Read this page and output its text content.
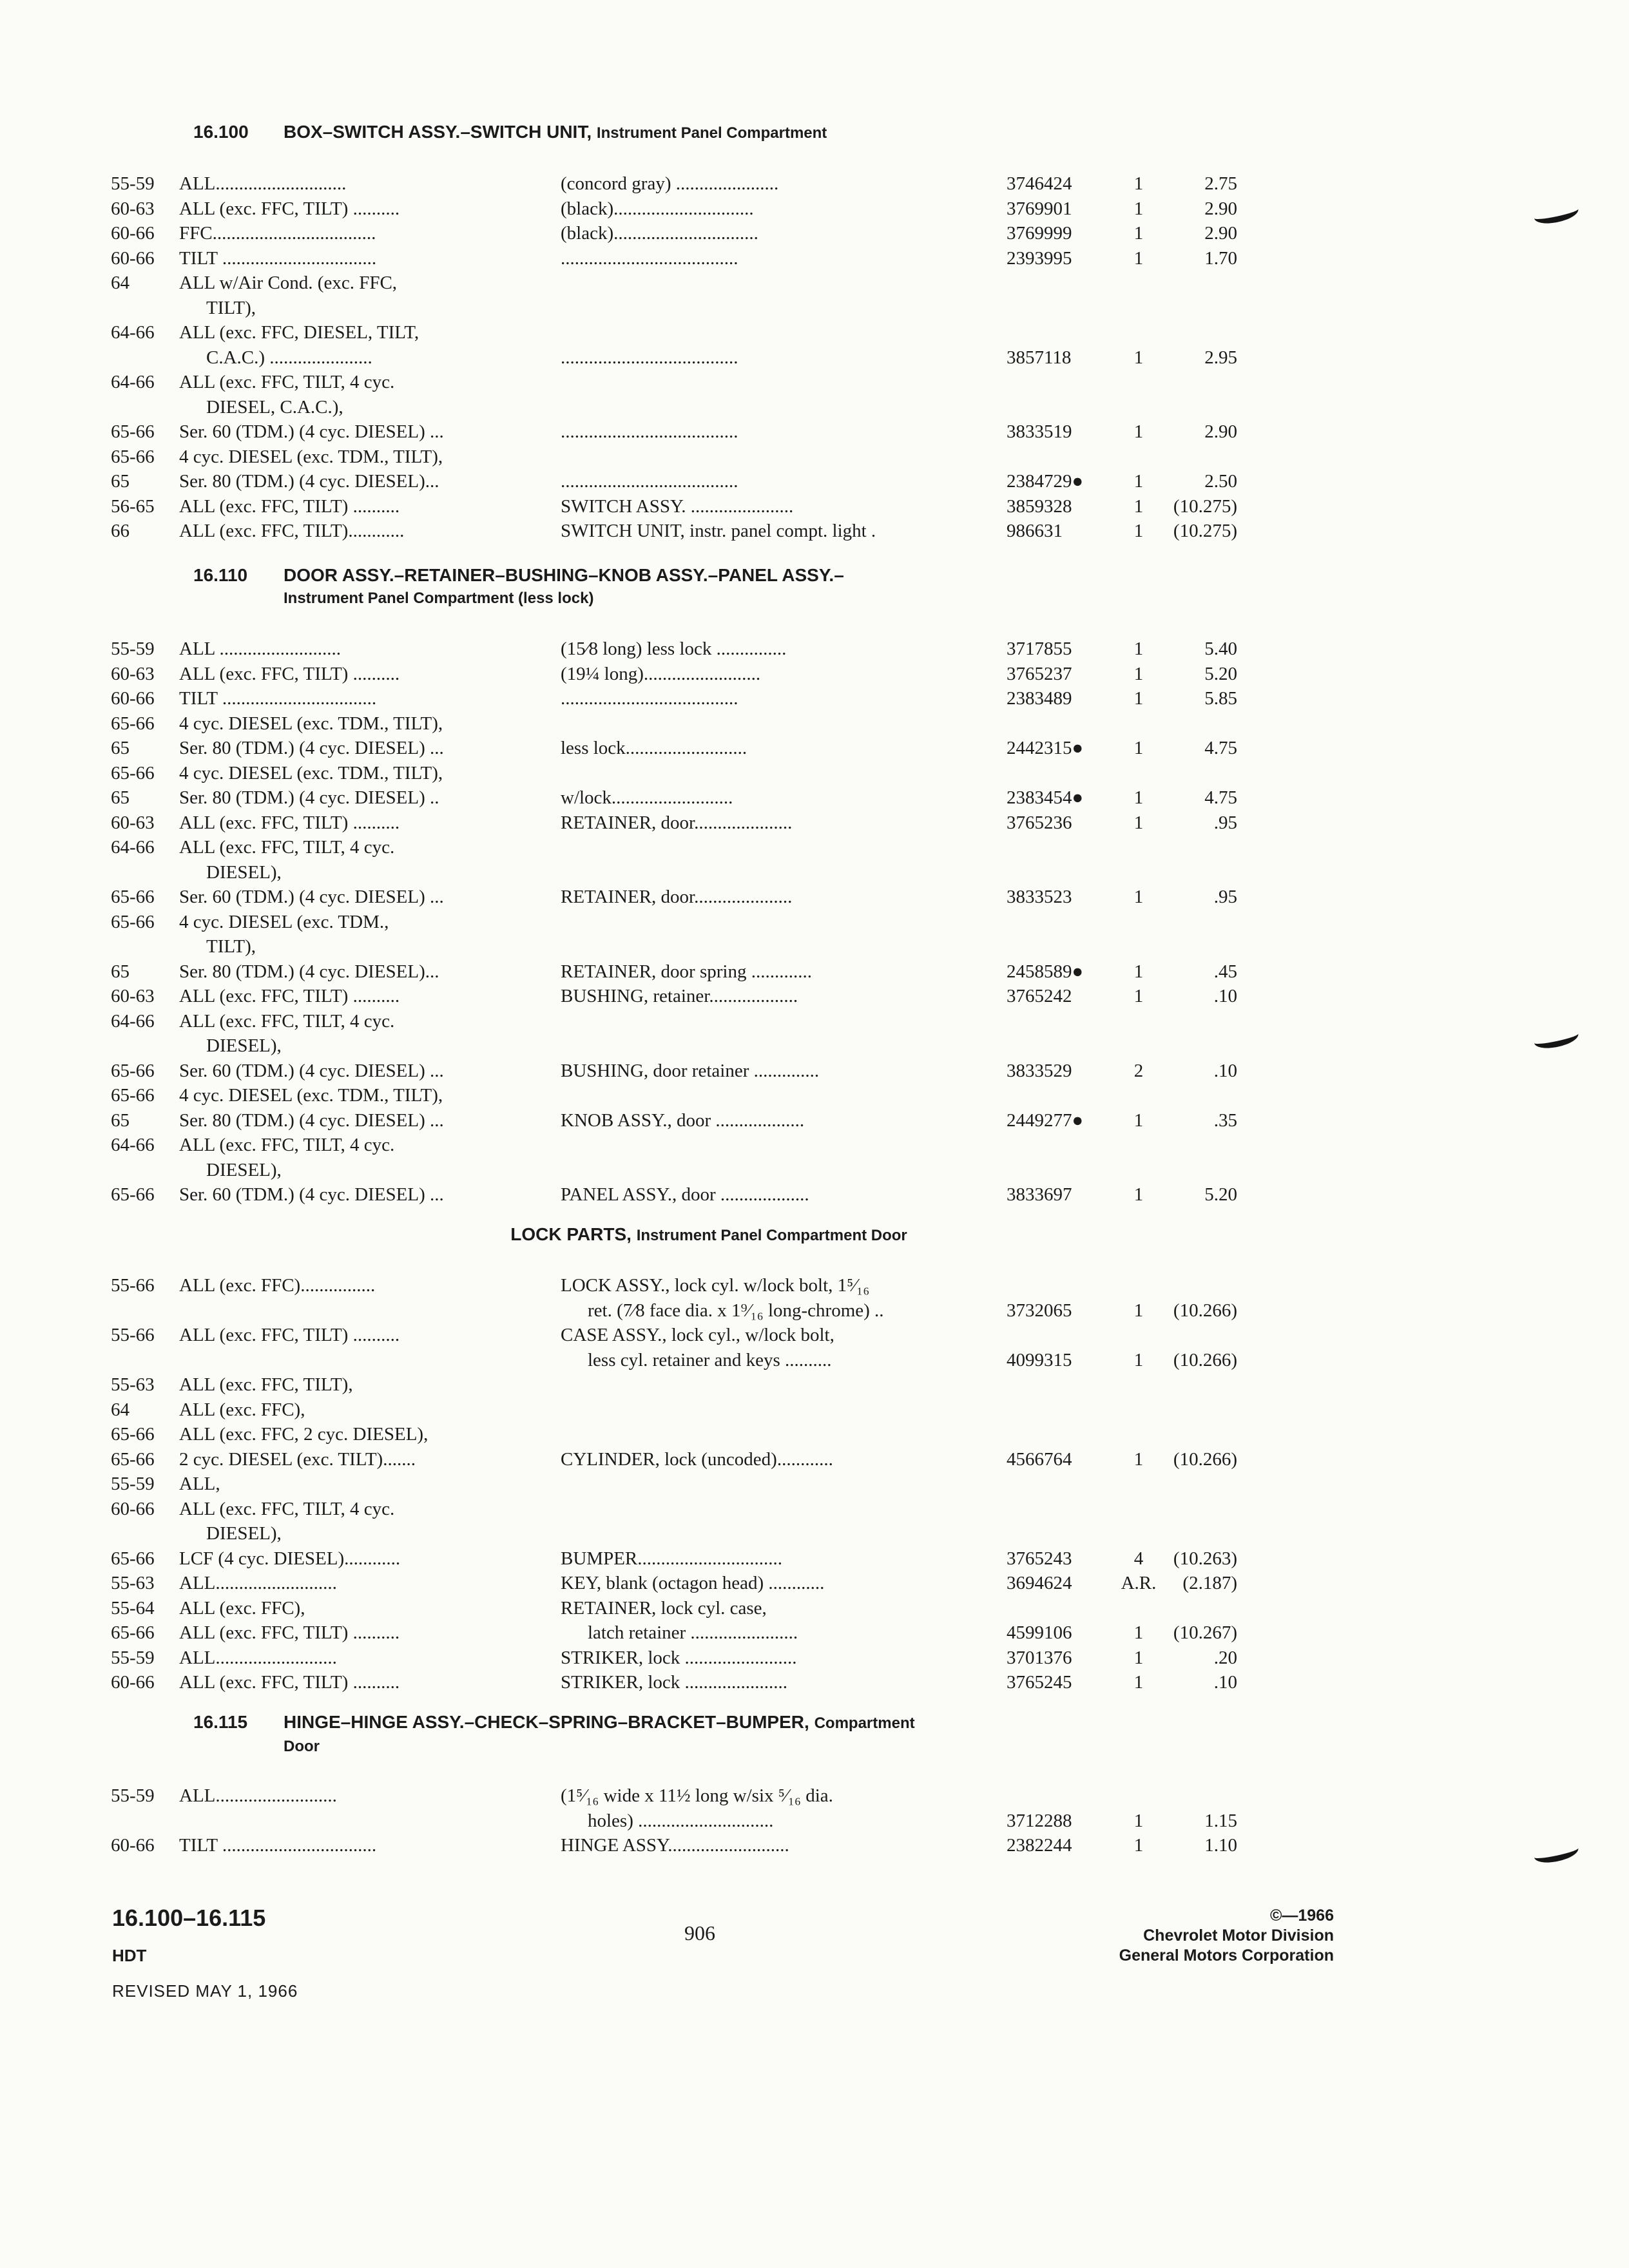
16.100 BOX–SWITCH ASSY.–SWITCH UNIT, Instrument Panel Compartment
55-59	ALL............................	(concord gray) ......................	3746424	1	2.75
60-63	ALL (exc. FFC, TILT) ..........	(black)..............................	3769901	1	2.90
60-66	FFC...................................	(black)...............................	3769999	1	2.90
60-66	TILT .................................	......................................	2393995	1	1.70
64	ALL w/Air Cond. (exc. FFC,
TILT),
64-66	ALL (exc. FFC, DIESEL, TILT,
C.A.C.) ......................	......................................	3857118	1	2.95
64-66	ALL (exc. FFC, TILT, 4 cyc.
DIESEL, C.A.C.),
65-66	Ser. 60 (TDM.) (4 cyc. DIESEL) ...	......................................	3833519	1	2.90
65-66	4 cyc. DIESEL (exc. TDM., TILT),
65	Ser. 80 (TDM.) (4 cyc. DIESEL)...	......................................	2384729●	1	2.50
56-65	ALL (exc. FFC, TILT) ..........	SWITCH ASSY. ......................	3859328	1	(10.275)
66	ALL (exc. FFC, TILT)............	SWITCH UNIT, instr. panel compt. light .	986631	1	(10.275)
16.110 DOOR ASSY.–RETAINER–BUSHING–KNOB ASSY.–PANEL ASSY.–
Instrument Panel Compartment (less lock)
55-59	ALL ..........................	(15⁄8 long) less lock ...............	3717855	1	5.40
60-63	ALL (exc. FFC, TILT) ..........	(19¼ long).........................	3765237	1	5.20
60-66	TILT .................................	......................................	2383489	1	5.85
65-66	4 cyc. DIESEL (exc. TDM., TILT),
65	Ser. 80 (TDM.) (4 cyc. DIESEL) ...	less lock..........................	2442315●	1	4.75
65-66	4 cyc. DIESEL (exc. TDM., TILT),
65	Ser. 80 (TDM.) (4 cyc. DIESEL) ..	w/lock..........................	2383454●	1	4.75
60-63	ALL (exc. FFC, TILT) ..........	RETAINER, door.....................	3765236	1	.95
64-66	ALL (exc. FFC, TILT, 4 cyc.
DIESEL),
65-66	Ser. 60 (TDM.) (4 cyc. DIESEL) ...	RETAINER, door.....................	3833523	1	.95
65-66	4 cyc. DIESEL (exc. TDM.,
TILT),
65	Ser. 80 (TDM.) (4 cyc. DIESEL)...	RETAINER, door spring .............	2458589●	1	.45
60-63	ALL (exc. FFC, TILT) ..........	BUSHING, retainer...................	3765242	1	.10
64-66	ALL (exc. FFC, TILT, 4 cyc.
DIESEL),
65-66	Ser. 60 (TDM.) (4 cyc. DIESEL) ...	BUSHING, door retainer ..............	3833529	2	.10
65-66	4 cyc. DIESEL (exc. TDM., TILT),
65	Ser. 80 (TDM.) (4 cyc. DIESEL) ...	KNOB ASSY., door ...................	2449277●	1	.35
64-66	ALL (exc. FFC, TILT, 4 cyc.
DIESEL),
65-66	Ser. 60 (TDM.) (4 cyc. DIESEL) ...	PANEL ASSY., door ...................	3833697	1	5.20
LOCK PARTS, Instrument Panel Compartment Door
55-66	ALL (exc. FFC)................	LOCK ASSY., lock cyl. w/lock bolt, 1⁵⁄₁₆
ret. (7⁄8 face dia. x 1⁹⁄₁₆ long-chrome) ..	3732065	1	(10.266)
55-66	ALL (exc. FFC, TILT) ..........	CASE ASSY., lock cyl., w/lock bolt,
less cyl. retainer and keys ..........	4099315	1	(10.266)
55-63	ALL (exc. FFC, TILT),
64	ALL (exc. FFC),
65-66	ALL (exc. FFC, 2 cyc. DIESEL),
65-66	2 cyc. DIESEL (exc. TILT).......	CYLINDER, lock (uncoded)............	4566764	1	(10.266)
55-59	ALL,
60-66	ALL (exc. FFC, TILT, 4 cyc.
DIESEL),
65-66	LCF (4 cyc. DIESEL)............	BUMPER...............................	3765243	4	(10.263)
55-63	ALL..........................	KEY, blank (octagon head) ............	3694624	A.R.	(2.187)
55-64	ALL (exc. FFC),	RETAINER, lock cyl. case,
65-66	ALL (exc. FFC, TILT) ..........	latch retainer .......................	4599106	1	(10.267)
55-59	ALL..........................	STRIKER, lock ........................	3701376	1	.20
60-66	ALL (exc. FFC, TILT) ..........	STRIKER, lock ......................	3765245	1	.10
16.115 HINGE–HINGE ASSY.–CHECK–SPRING–BRACKET–BUMPER, Compartment
Door
55-59	ALL..........................	(1⁵⁄₁₆ wide x 11½ long w/six ⁵⁄₁₆ dia.
holes) .............................	3712288	1	1.15
60-66	TILT .................................	HINGE ASSY..........................	2382244	1	1.10
16.100–16.115
HDT
REVISED MAY 1, 1966
906
©—1966
Chevrolet Motor Division
General Motors Corporation
